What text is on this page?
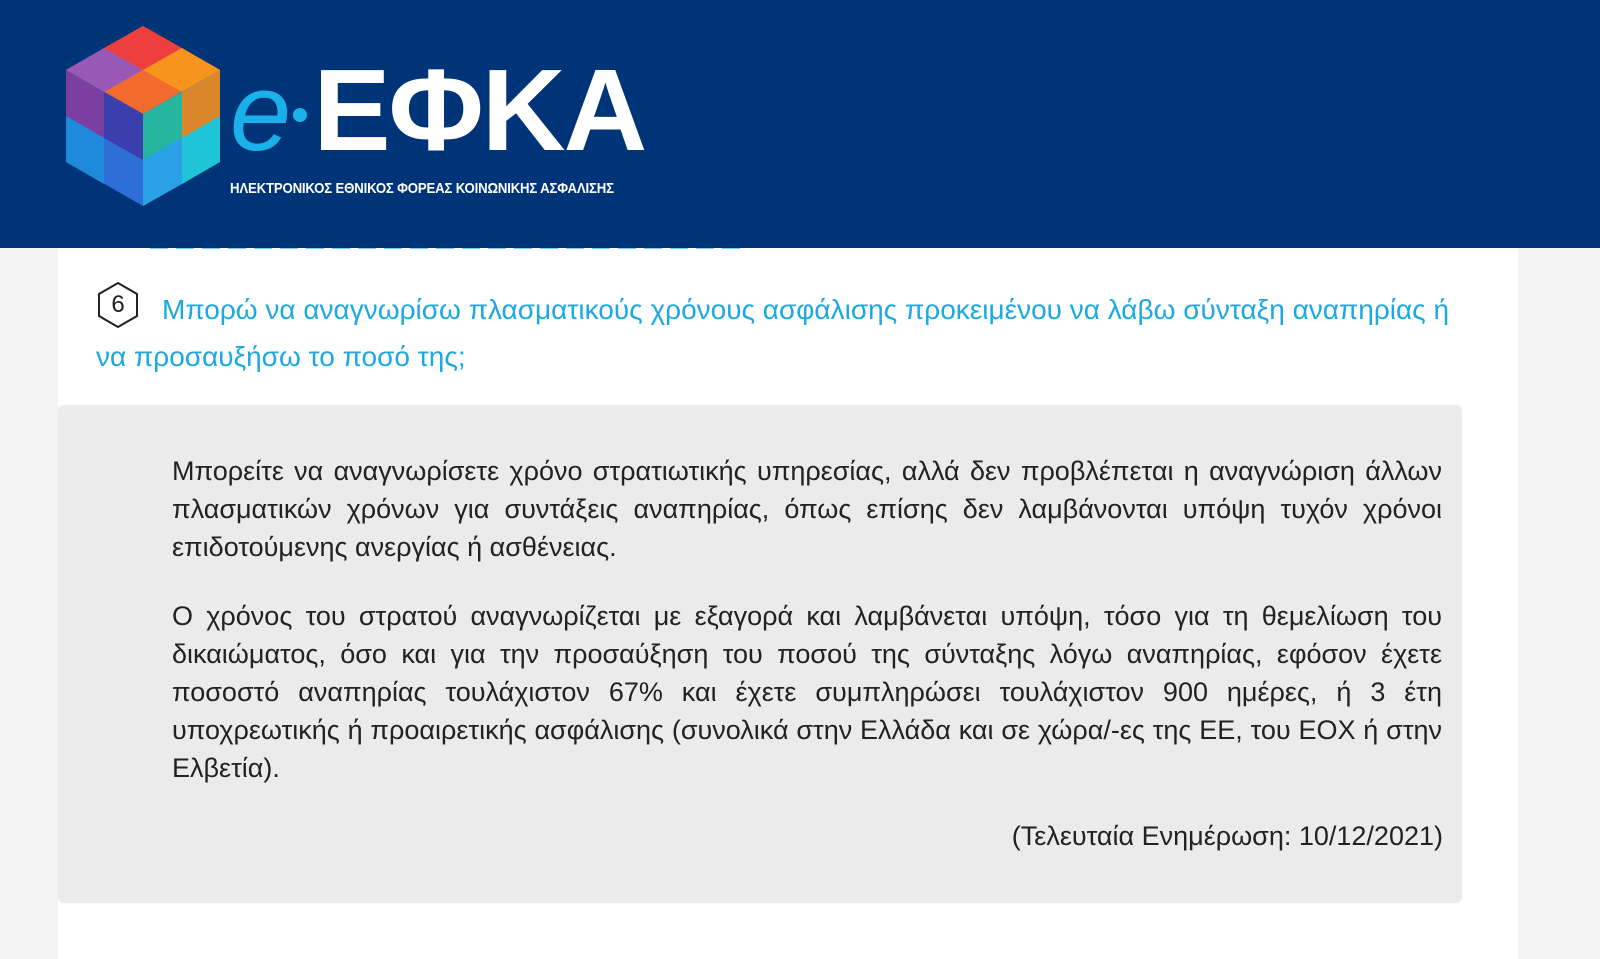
e ΕΦΚΑ
ΗΛΕΚΤΡΟΝΙΚΟΣ ΕΘΝΙΚΟΣ ΦΟΡΕΑΣ ΚΟΙΝΩΝΙΚΗΣ ΑΣΦΑΛΙΣΗΣ
6	Μπορώ να αναγνωρίσω πλασματικούς χρόνους ασφάλισης προκειμένου να λάβω σύνταξη αναπηρίας ή να προσαυξήσω το ποσό της;

Μπορείτε να αναγνωρίσετε χρόνο στρατιωτικής υπηρεσίας, αλλά δεν προβλέπεται η αναγνώριση άλλων πλασματικών χρόνων για συντάξεις αναπηρίας, όπως επίσης δεν λαμβάνονται υπόψη τυχόν χρόνοι επιδοτούμενης ανεργίας ή ασθένειας.

Ο χρόνος του στρατού αναγνωρίζεται με εξαγορά και λαμβάνεται υπόψη, τόσο για τη θεμελίωση του δικαιώματος, όσο και για την προσαύξηση του ποσού της σύνταξης λόγω αναπηρίας, εφόσον έχετε ποσοστό αναπηρίας τουλάχιστον 67% και έχετε συμπληρώσει τουλάχιστον 900 ημέρες, ή 3 έτη υποχρεωτικής ή προαιρετικής ασφάλισης (συνολικά στην Ελλάδα και σε χώρα/-ες της ΕΕ, του ΕΟΧ ή στην Ελβετία).

(Τελευταία Ενημέρωση: 10/12/2021)
